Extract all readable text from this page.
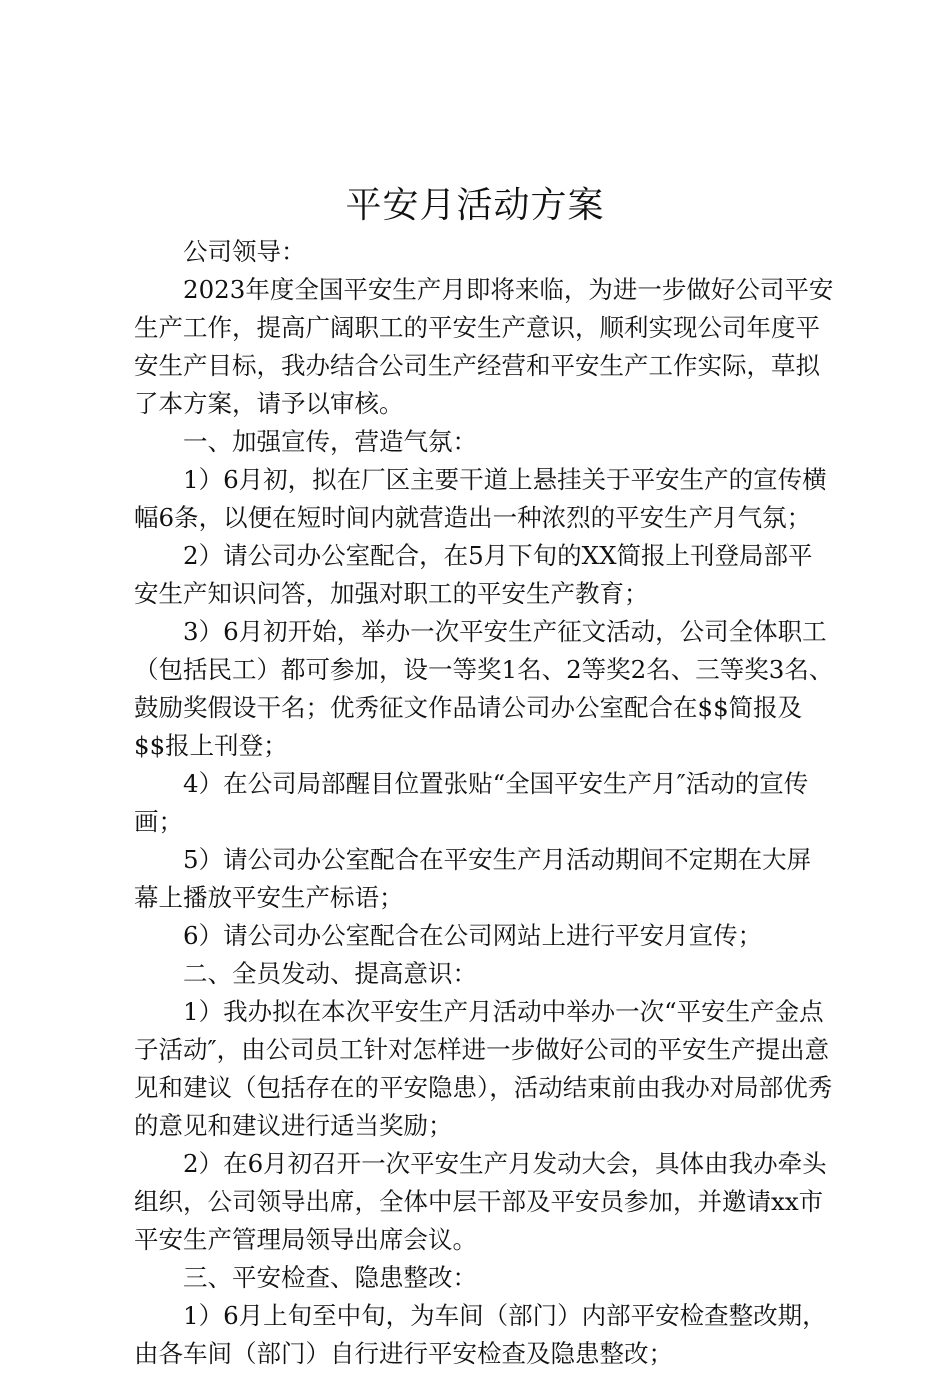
平安月活动方案

公司领导：

2023年度全国平安生产月即将来临，为进一步做好公司平安生产工作，提高广阔职工的平安生产意识，顺利实现公司年度平安生产目标，我办结合公司生产经营和平安生产工作实际，草拟了本方案，请予以审核。

一、加强宣传，营造气氛：

1）6月初，拟在厂区主要干道上悬挂关于平安生产的宣传横幅6条，以便在短时间内就营造出一种浓烈的平安生产月气氛；

2）请公司办公室配合，在5月下旬的XX简报上刊登局部平安生产知识问答，加强对职工的平安生产教育；

3）6月初开始，举办一次平安生产征文活动，公司全体职工（包括民工）都可参加，设一等奖1名、2等奖2名、三等奖3名、鼓励奖假设干名；优秀征文作品请公司办公室配合在$$简报及$$报上刊登；

4）在公司局部醒目位置张贴“全国平安生产月″活动的宣传画；

5）请公司办公室配合在平安生产月活动期间不定期在大屏幕上播放平安生产标语；

6）请公司办公室配合在公司网站上进行平安月宣传；

二、全员发动、提高意识：

1）我办拟在本次平安生产月活动中举办一次“平安生产金点子活动″，由公司员工针对怎样进一步做好公司的平安生产提出意见和建议（包括存在的平安隐患），活动结束前由我办对局部优秀的意见和建议进行适当奖励；

2）在6月初召开一次平安生产月发动大会，具体由我办牵头组织，公司领导出席，全体中层干部及平安员参加，并邀请xx市平安生产管理局领导出席会议。

三、平安检查、隐患整改：

1）6月上旬至中旬，为车间（部门）内部平安检查整改期，由各车间（部门）自行进行平安检查及隐患整改；
